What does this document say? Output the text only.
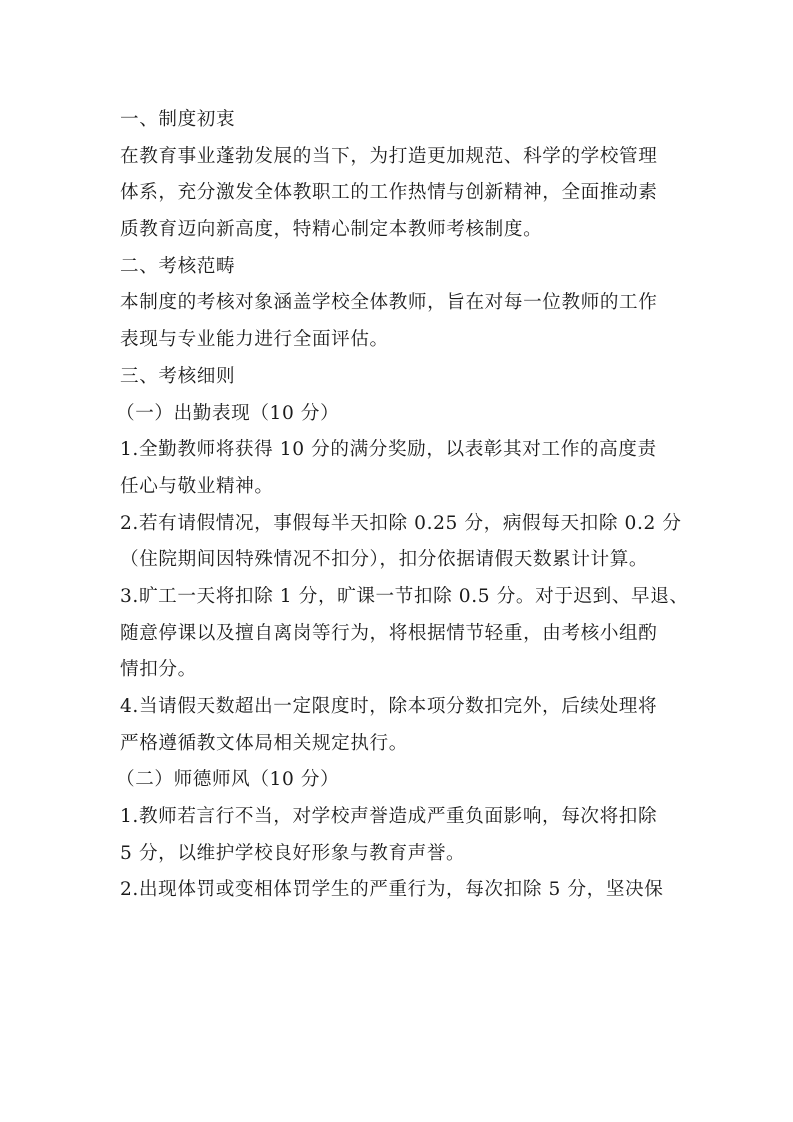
一、制度初衷
在教育事业蓬勃发展的当下，为打造更加规范、科学的学校管理
体系，充分激发全体教职工的工作热情与创新精神，全面推动素
质教育迈向新高度，特精心制定本教师考核制度。
二、考核范畴
本制度的考核对象涵盖学校全体教师，旨在对每一位教师的工作
表现与专业能力进行全面评估。
三、考核细则
（一）出勤表现（10 分）
1.全勤教师将获得 10 分的满分奖励，以表彰其对工作的高度责
任心与敬业精神。
2.若有请假情况，事假每半天扣除 0.25 分，病假每天扣除 0.2 分
（住院期间因特殊情况不扣分），扣分依据请假天数累计计算。
3.旷工一天将扣除 1 分，旷课一节扣除 0.5 分。对于迟到、早退、
随意停课以及擅自离岗等行为，将根据情节轻重，由考核小组酌
情扣分。
4.当请假天数超出一定限度时，除本项分数扣完外，后续处理将
严格遵循教文体局相关规定执行。
（二）师德师风（10 分）
1.教师若言行不当，对学校声誉造成严重负面影响，每次将扣除
5 分，以维护学校良好形象与教育声誉。
2.出现体罚或变相体罚学生的严重行为，每次扣除 5 分，坚决保
